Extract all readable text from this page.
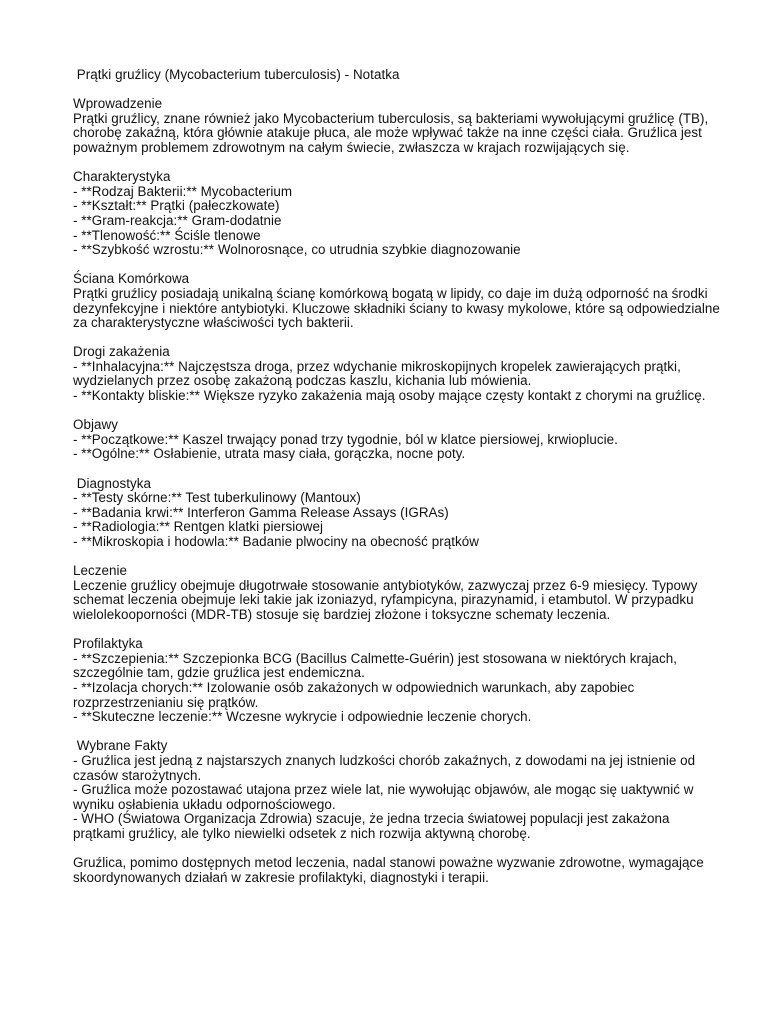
Prątki gruźlicy (Mycobacterium tuberculosis) - Notatka
Wprowadzenie

Prątki gruźlicy, znane również jako Mycobacterium tuberculosis, są bakteriami wywołującymi gruźlicę (TB), chorobę zakaźną, która głównie atakuje płuca, ale może wpływać także na inne części ciała. Gruźlica jest poważnym problemem zdrowotnym na całym świecie, zwłaszcza w krajach rozwijających się.

Charakterystyka
- **Rodzaj Bakterii:** Mycobacterium
- **Kształt:** Prątki (pałeczkowate)
- **Gram-reakcja:** Gram-dodatnie
- **Tlenowość:** Ściśle tlenowe
- **Szybkość wzrostu:** Wolnorosnące, co utrudnia szybkie diagnozowanie
Ściana Komórkowa

Prątki gruźlicy posiadają unikalną ścianę komórkową bogatą w lipidy, co daje im dużą odporność na środki dezynfekcyjne i niektóre antybiotyki. Kluczowe składniki ściany to kwasy mykolowe, które są odpowiedzialne za charakterystyczne właściwości tych bakterii.

Drogi zakażenia
- **Inhalacyjna:** Najczęstsza droga, przez wdychanie mikroskopijnych kropelek zawierających prątki, wydzielanych przez osobę zakażoną podczas kaszlu, kichania lub mówienia.
- **Kontakty bliskie:** Większe ryzyko zakażenia mają osoby mające częsty kontakt z chorymi na gruźlicę.
Objawy
- **Początkowe:** Kaszel trwający ponad trzy tygodnie, ból w klatce piersiowej, krwioplucie.
- **Ogólne:** Osłabienie, utrata masy ciała, gorączka, nocne poty.
Diagnostyka
- **Testy skórne:** Test tuberkulinowy (Mantoux)
- **Badania krwi:** Interferon Gamma Release Assays (IGRAs)
- **Radiologia:** Rentgen klatki piersiowej
- **Mikroskopia i hodowla:** Badanie plwociny na obecność prątków
Leczenie

Leczenie gruźlicy obejmuje długotrwałe stosowanie antybiotyków, zazwyczaj przez 6-9 miesięcy. Typowy schemat leczenia obejmuje leki takie jak izoniazyd, ryfampicyna, pirazynamid, i etambutol. W przypadku wielolekooporności (MDR-TB) stosuje się bardziej złożone i toksyczne schematy leczenia.

Profilaktyka
- **Szczepienia:** Szczepionka BCG (Bacillus Calmette-Guérin) jest stosowana w niektórych krajach, szczególnie tam, gdzie gruźlica jest endemiczna.
- **Izolacja chorych:** Izolowanie osób zakażonych w odpowiednich warunkach, aby zapobiec rozprzestrzenianiu się prątków.
- **Skuteczne leczenie:** Wczesne wykrycie i odpowiednie leczenie chorych.
Wybrane Fakty
- Gruźlica jest jedną z najstarszych znanych ludzkości chorób zakaźnych, z dowodami na jej istnienie od czasów starożytnych.
- Gruźlica może pozostawać utajona przez wiele lat, nie wywołując objawów, ale mogąc się uaktywnić w wyniku osłabienia układu odpornościowego.
- WHO (Światowa Organizacja Zdrowia) szacuje, że jedna trzecia światowej populacji jest zakażona prątkami gruźlicy, ale tylko niewielki odsetek z nich rozwija aktywną chorobę.

Gruźlica, pomimo dostępnych metod leczenia, nadal stanowi poważne wyzwanie zdrowotne, wymagające skoordynowanych działań w zakresie profilaktyki, diagnostyki i terapii.
